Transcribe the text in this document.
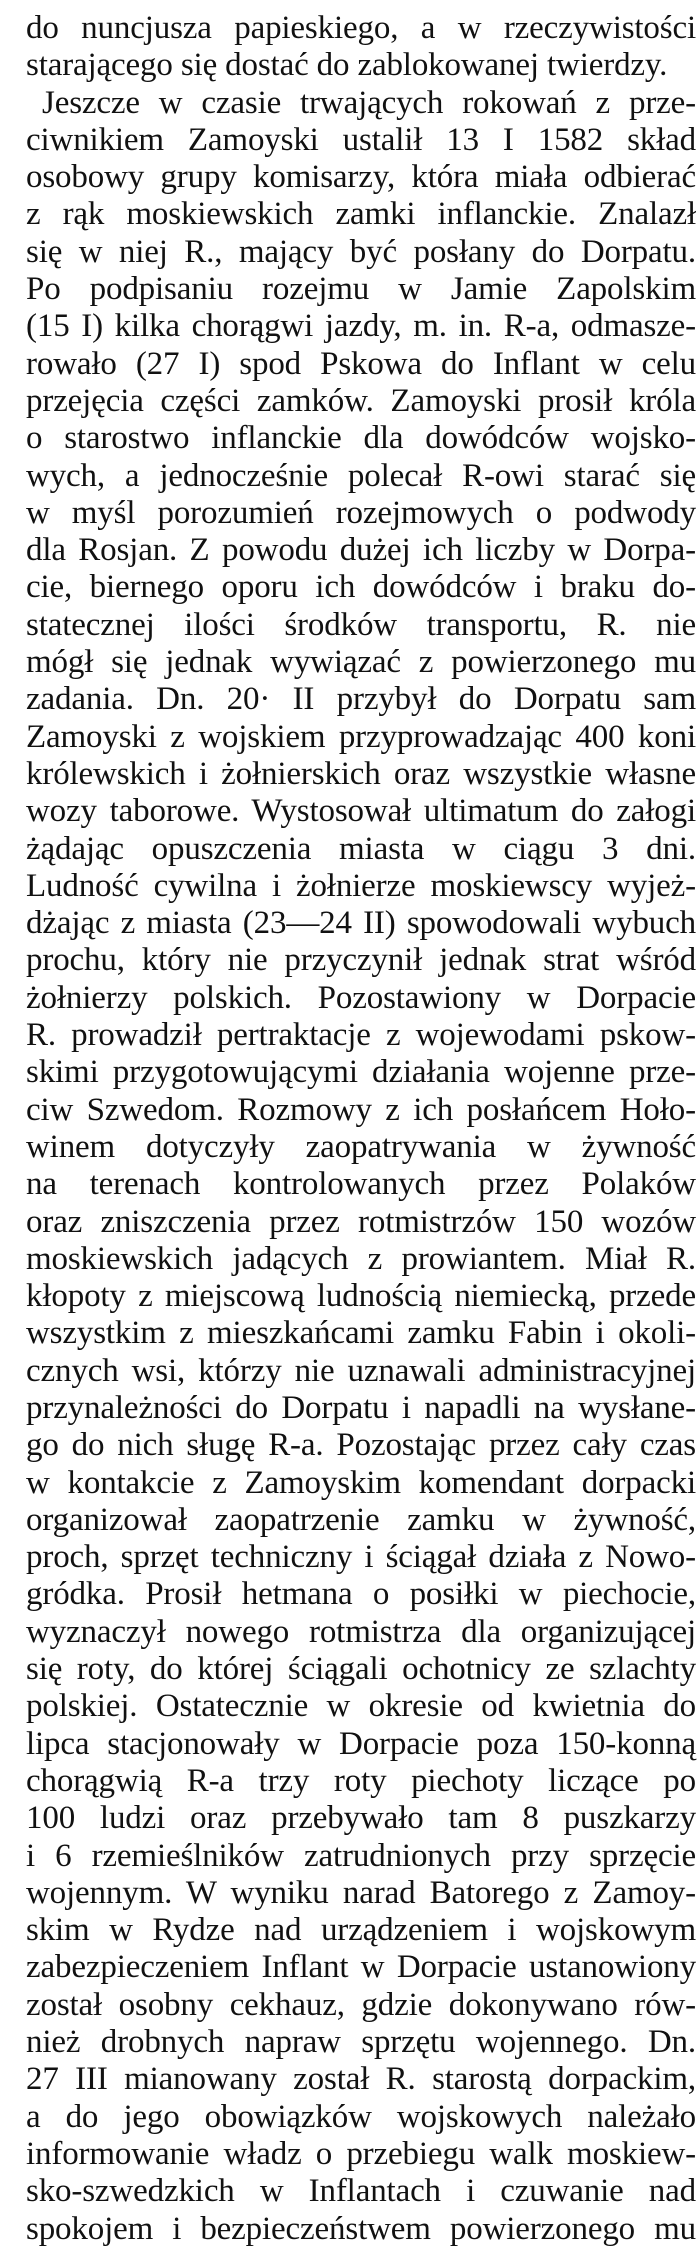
do nuncjusza papieskiego, a w rzeczywistości
starającego się dostać do zablokowanej twierdzy.
Jeszcze w czasie trwających rokowań z prze-
ciwnikiem Zamoyski ustalił 13 I 1582 skład
osobowy grupy komisarzy, która miała odbierać
z rąk moskiewskich zamki inflanckie. Znalazł
się w niej R., mający być posłany do Dorpatu.
Po podpisaniu rozejmu w Jamie Zapolskim
(15 I) kilka chorągwi jazdy, m. in. R-a, odmasze-
rowało (27 I) spod Pskowa do Inflant w celu
przejęcia części zamków. Zamoyski prosił króla
o starostwo inflanckie dla dowódców wojsko-
wych, a jednocześnie polecał R-owi starać się
w myśl porozumień rozejmowych o podwody
dla Rosjan. Z powodu dużej ich liczby w Dorpa-
cie, biernego oporu ich dowódców i braku do-
statecznej ilości środków transportu, R. nie
mógł się jednak wywiązać z powierzonego mu
zadania. Dn. 20· II przybył do Dorpatu sam
Zamoyski z wojskiem przyprowadzając 400 koni
królewskich i żołnierskich oraz wszystkie własne
wozy taborowe. Wystosował ultimatum do załogi
żądając opuszczenia miasta w ciągu 3 dni.
Ludność cywilna i żołnierze moskiewscy wyjeż-
dżając z miasta (23—24 II) spowodowali wybuch
prochu, który nie przyczynił jednak strat wśród
żołnierzy polskich. Pozostawiony w Dorpacie
R. prowadził pertraktacje z wojewodami pskow-
skimi przygotowującymi działania wojenne prze-
ciw Szwedom. Rozmowy z ich posłańcem Hoło-
winem dotyczyły zaopatrywania w żywność
na terenach kontrolowanych przez Polaków
oraz zniszczenia przez rotmistrzów 150 wozów
moskiewskich jadących z prowiantem. Miał R.
kłopoty z miejscową ludnością niemiecką, przede
wszystkim z mieszkańcami zamku Fabin i okoli-
cznych wsi, którzy nie uznawali administracyjnej
przynależności do Dorpatu i napadli na wysłane-
go do nich sługę R-a. Pozostając przez cały czas
w kontakcie z Zamoyskim komendant dorpacki
organizował zaopatrzenie zamku w żywność,
proch, sprzęt techniczny i ściągał działa z Nowo-
gródka. Prosił hetmana o posiłki w piechocie,
wyznaczył nowego rotmistrza dla organizującej
się roty, do której ściągali ochotnicy ze szlachty
polskiej. Ostatecznie w okresie od kwietnia do
lipca stacjonowały w Dorpacie poza 150-konną
chorągwią R-a trzy roty piechoty liczące po
100 ludzi oraz przebywało tam 8 puszkarzy
i 6 rzemieślników zatrudnionych przy sprzęcie
wojennym. W wyniku narad Batorego z Zamoy-
skim w Rydze nad urządzeniem i wojskowym
zabezpieczeniem Inflant w Dorpacie ustanowiony
został osobny cekhauz, gdzie dokonywano rów-
nież drobnych napraw sprzętu wojennego. Dn.
27 III mianowany został R. starostą dorpackim,
a do jego obowiązków wojskowych należało
informowanie władz o przebiegu walk moskiew-
sko-szwedzkich w Inflantach i czuwanie nad
spokojem i bezpieczeństwem powierzonego mu
